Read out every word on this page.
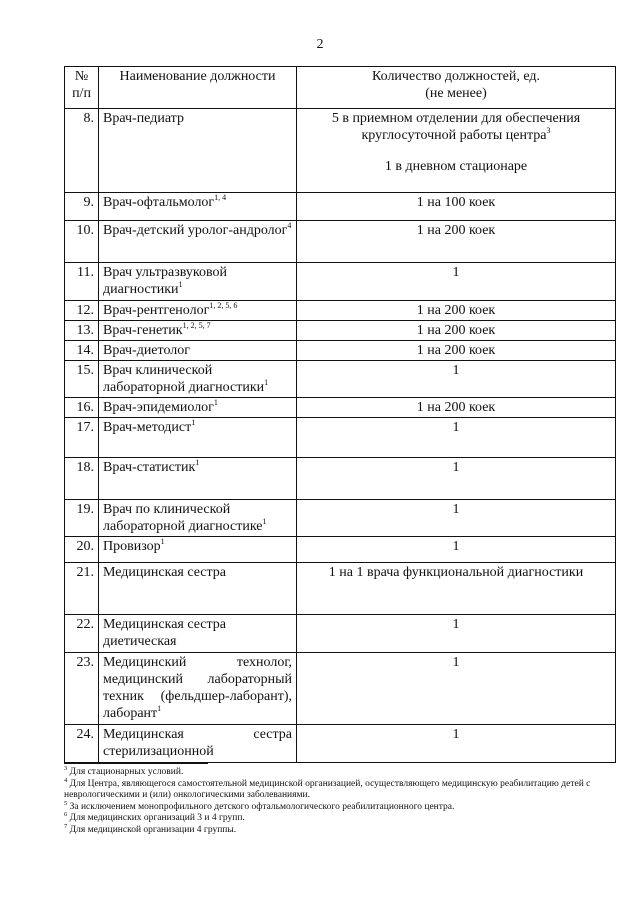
2
№ п/п	Наименование должности	Количество должностей, ед.
(не менее)

8.	Врач-педиатр	5 в приемном отделении для обеспечения круглосуточной работы центра$^3$
1 в дневном стационаре

9.	Врач-офтальмолог$^{1, 4}$	1 на 100 коек
10.	Врач-детский уролог-андролог$^4$	1 на 200 коек
11.	Врач ультразвуковой диагностики$^1$	1
12.	Врач-рентгенолог$^{1, 2, 5, 6}$	1 на 200 коек
13.	Врач-генетик$^{1, 2, 5, 7}$	1 на 200 коек
14.	Врач-диетолог	1 на 200 коек
15.	Врач клинической лабораторной диагностики$^1$	1
16.	Врач-эпидемиолог$^1$	1 на 200 коек
17.	Врач-методист$^1$	1
18.	Врач-статистик$^1$	1
19.	Врач по клинической лабораторной диагностике$^1$	1
20.	Провизор$^1$	1
21.	Медицинская сестра	1 на 1 врача функциональной диагностики
22.	Медицинская сестра диетическая	1
23.	Медицинский технолог, медицинский лабораторный техник (фельдшер-лаборант), лаборант$^1$	1
24.	Медицинская сестра стерилизационной	1
$^3$ Для стационарных условий.
$^4$ Для Центра, являющегося самостоятельной медицинской организацией, осуществляющего медицинскую реабилитацию детей с неврологическими и (или) онкологическими заболеваниями.
$^5$ За исключением монопрофильного детского офтальмологического реабилитационного центра.
$^6$ Для медицинских организаций 3 и 4 групп.
$^7$ Для медицинской организации 4 группы.
